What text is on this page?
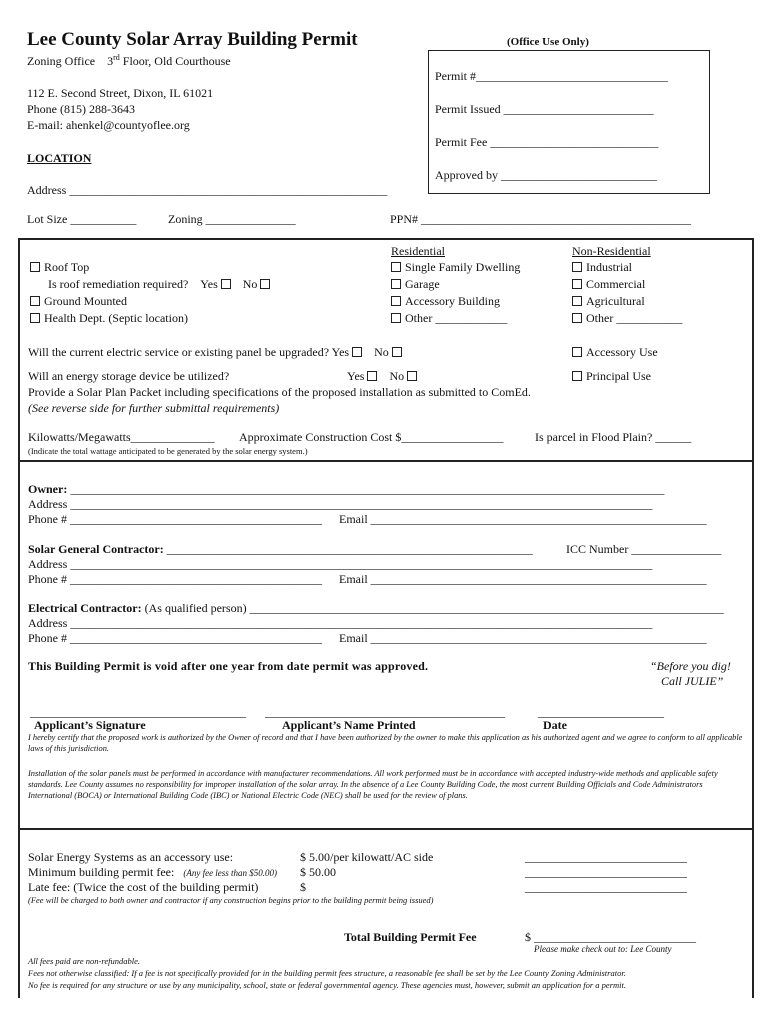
Lee County Solar Array Building Permit
Zoning Office 3rd Floor, Old Courthouse
112 E. Second Street, Dixon, IL 61021
Phone (815) 288-3643
E-mail: ahenkel@countyoflee.org
LOCATION
(Office Use Only)
Permit #________________________________
Permit Issued _________________________
Permit Fee ____________________________
Approved by __________________________
Address _____________________________________________________
Lot Size ___________	Zoning _______________	PPN# _____________________________________________
Roof Top
Is roof remediation required? Yes No
Ground Mounted
Health Dept. (Septic location)
Residential
Single Family Dwelling
Garage
Accessory Building
Other ____________
Non-Residential
Industrial
Commercial
Agricultural
Other ___________
Will the current electric service or existing panel be upgraded? Yes No	Accessory Use
Will an energy storage device be utilized?	Yes No	Principal Use
Provide a Solar Plan Packet including specifications of the proposed installation as submitted to ComEd.
(See reverse side for further submittal requirements)
Kilowatts/Megawatts______________ Approximate Construction Cost $_________________	Is parcel in Flood Plain? ______
(Indicate the total wattage anticipated to be generated by the solar energy system.)
Owner: ___________________________________________________________________________________________________
Address _________________________________________________________________________________________________
Phone # __________________________________________ Email ________________________________________________________
Solar General Contractor: _____________________________________________________________	ICC Number _______________
Address _________________________________________________________________________________________________
Phone # __________________________________________ Email ________________________________________________________
Electrical Contractor: (As qualified person) _______________________________________________________________________________
Address _________________________________________________________________________________________________
Phone # __________________________________________ Email ________________________________________________________
This Building Permit is void after one year from date permit was approved.	“Before you dig!
Call JULIE”
____________________________________ ________________________________________	_____________________
Applicant’s Signature	Applicant’s Name Printed	Date
I hereby certify that the proposed work is authorized by the Owner of record and that I have been authorized by the owner to make this application as his authorized agent and we agree to conform to all applicable laws of this jurisdiction.
Installation of the solar panels must be performed in accordance with manufacturer recommendations. All work performed must be in accordance with accepted industry-wide methods and applicable safety standards. Lee County assumes no responsibility for improper installation of the solar array. In the absence of a Lee County Building Code, the most current Building Officials and Code Administrators International (BOCA) or International Building Code (IBC) or National Electric Code (NEC) shall be used for the review of plans.
Solar Energy Systems as an accessory use:	$ 5.00/per kilowatt/AC side	___________________________
Minimum building permit fee: (Any fee less than $50.00) $ 50.00	___________________________
Late fee: (Twice the cost of the building permit)	$	___________________________
(Fee will be charged to both owner and contractor if any construction begins prior to the building permit being issued)
Total Building Permit Fee	$ ___________________________
Please make check out to: Lee County
All fees paid are non-refundable.
Fees not otherwise classified: If a fee is not specifically provided for in the building permit fees structure, a reasonable fee shall be set by the Lee County Zoning Administrator.
No fee is required for any structure or use by any municipality, school, state or federal governmental agency. These agencies must, however, submit an application for a permit.
